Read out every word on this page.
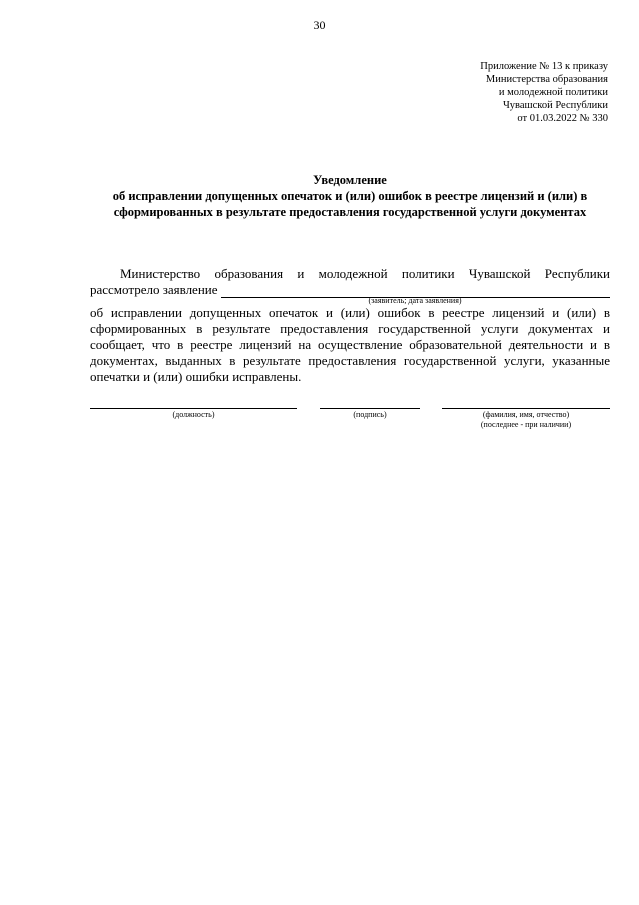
30
Приложение № 13 к приказу
Министерства образования
и молодежной политики
Чувашской Республики
от 01.03.2022 № 330
Уведомление
об исправлении допущенных опечаток и (или) ошибок в реестре лицензий и (или) в
сформированных в результате предоставления государственной услуги документах
Министерство образования и молодежной политики Чувашской Республики
рассмотрело заявление
(заявитель; дата заявления)
об исправлении допущенных опечаток и (или) ошибок в реестре лицензий и (или) в сформированных в результате предоставления государственной услуги документах и сообщает, что в реестре лицензий на осуществление образовательной деятельности и в документах, выданных в результате предоставления государственной услуги, указанные опечатки и (или) ошибки исправлены.
(должность)	(подпись)	(фамилия, имя, отчество)
(последнее - при наличии)
